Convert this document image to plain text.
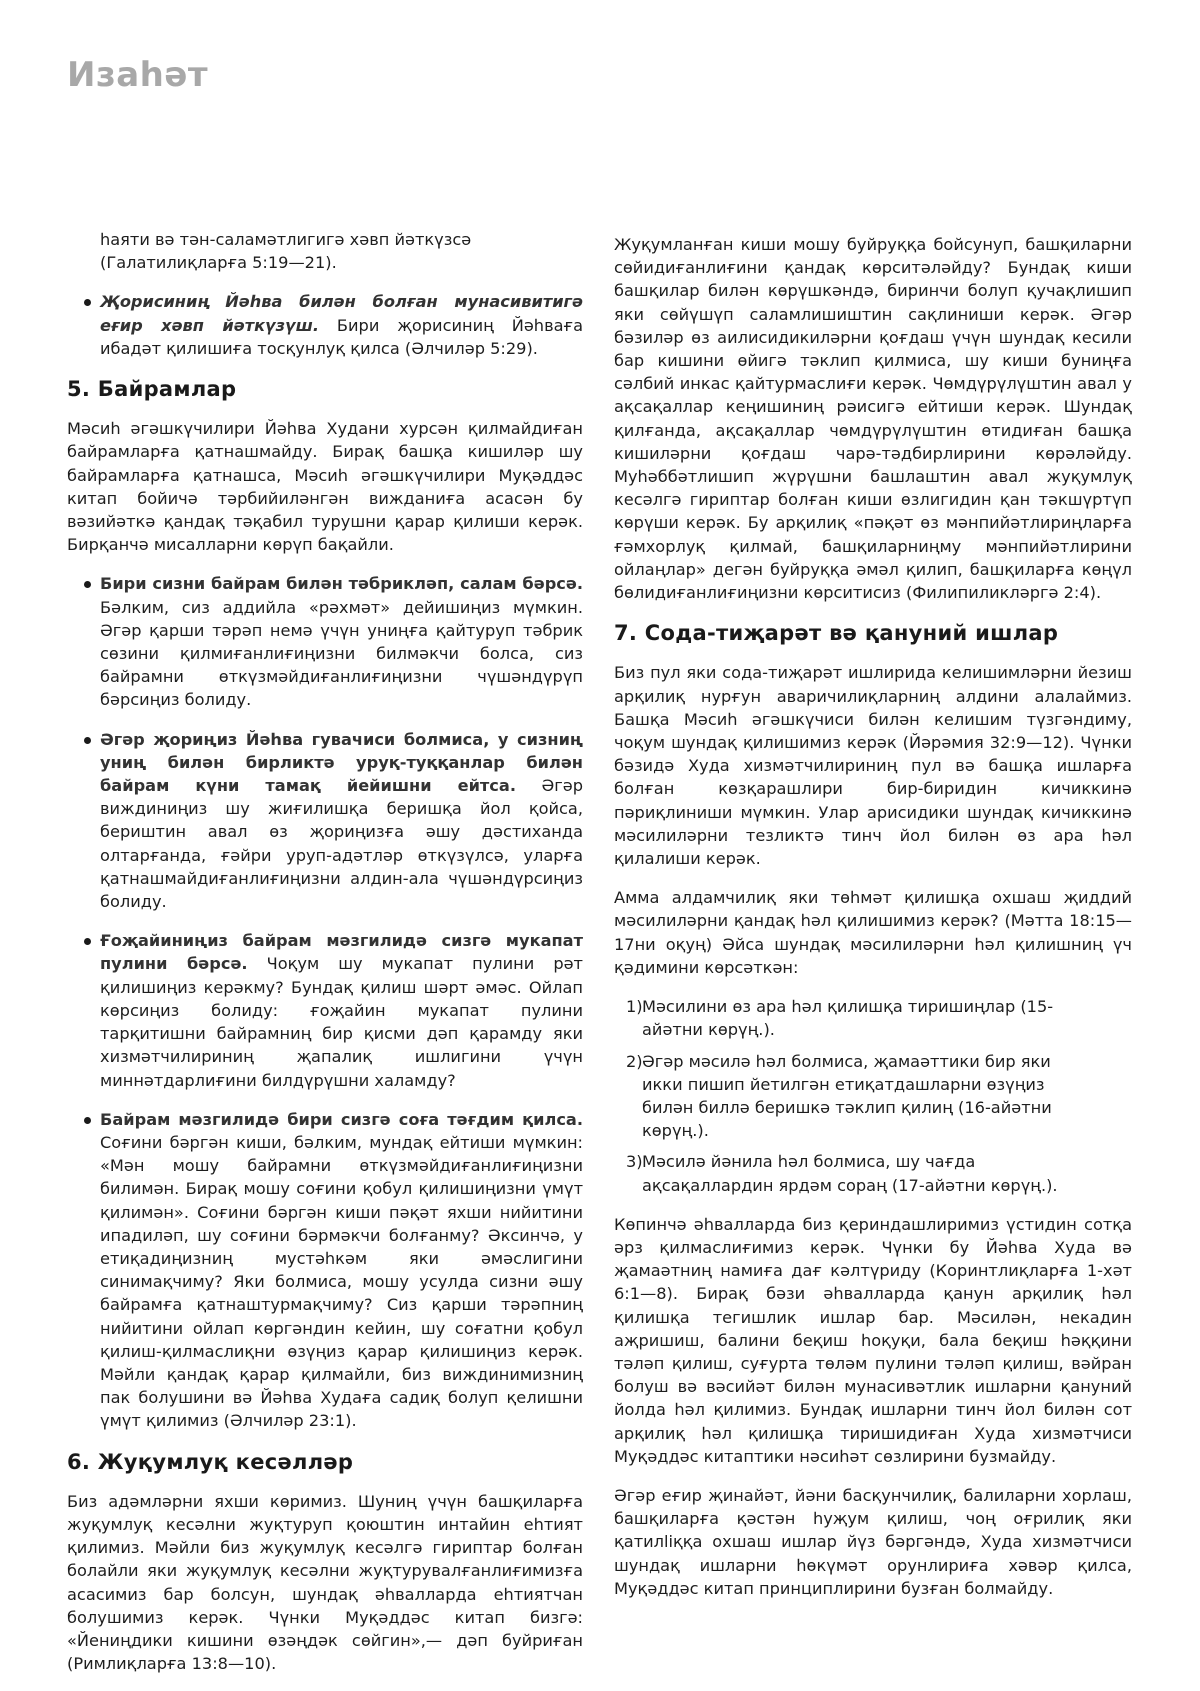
Изаһәт

һаяти вә тән-саламәтлигигә хәвп йәткүзсә (Галатилиқларға 5:19—21).

Җорисиниң Йәһва билән болған мунасивитигә еғир хәвп йәткүзүш. Бири җорисиниң Йәһваға ибадәт қилишиға тосқунлуқ қилса (Әлчиләр 5:29).
5. Байрамлар

Мәсиһ әгәшкүчилири Йәһва Худани хурсән қилмайдиған байрамларға қатнашмайду. Бирақ башқа кишиләр шу байрамларға қатнашса, Мәсиһ әгәшкүчилири Муқәддәс китап бойичә тәрбийиләнгән вижданиға асасән бу вәзийәткә қандақ тәқабил турушни қарар қилиши керәк. Бирқанчә мисалларни көрүп бақайли.

Бири сизни байрам билән тәбрикләп, салам бәрсә. Бәлким, сиз аддийла «рәхмәт» дейишиңиз мүмкин. Әгәр қарши тәрәп немә үчүн униңға қайтуруп тәбрик сөзини қилмиғанлиғиңизни билмәкчи болса, сиз байрамни өткүзмәйдиғанлиғиңизни чүшәндүрүп бәрсиңиз болиду.
Әгәр җориңиз Йәһва гувачиси болмиса, у сизниң униң билән бирликтә уруқ-туққанлар билән байрам күни тамақ йейишни ейтса. Әгәр виждиниңиз шу жиғилишқа беришқа йол қойса, бериштин авал өз җориңизға әшу дәстиханда олтарғанда, ғәйри уруп-адәтләр өткүзүлсә, уларға қатнашмайдиғанлиғиңизни алдин-ала чүшәндүрсиңиз болиду.
Ғоҗайиниңиз байрам мәзгилидә сизгә мукапат пулини бәрсә. Чоқум шу мукапат пулини рәт қилишиңиз керәкму? Бундақ қилиш шәрт әмәс. Ойлап көрсиңиз болиду: ғоҗайин мукапат пулини тарқитишни байрамниң бир қисми дәп қарамду яки хизмәтчилириниң җапалиқ ишлигини үчүн миннәтдарлиғини билдүрүшни халамду?
Байрам мәзгилидә бири сизгә соға тәғдим қилса. Соғини бәргән киши, бәлким, мундақ ейтиши мүмкин: «Мән мошу байрамни өткүзмәйдиғанлиғиңизни билимән. Бирақ мошу соғини қобул қилишиңизни үмүт қилимән». Соғини бәргән киши пәқәт яхши нийитини ипадиләп, шу соғини бәрмәкчи болғанму? Әксинчә, у етиқадиңизниң мустәһкәм яки әмәслигини синимақчиму? Яки болмиса, мошу усулда сизни әшу байрамға қатнаштурмақчиму? Сиз қарши тәрәпниң нийитини ойлап көргәндин кейин, шу соғатни қобул қилиш-қилмаслиқни өзүңиз қарар қилишиңиз керәк. Мәйли қандақ қарар қилмайли, биз виждинимизниң пак болушини вә Йәһва Худаға садиқ болуп қелишни үмүт қилимиз (Әлчиләр 23:1).
6. Жуқумлуқ кесәлләр

Биз адәмләрни яхши көримиз. Шуниң үчүн башқиларға жуқумлуқ кесәлни жуқтуруп қоюштин интайин еһтият қилимиз. Мәйли биз жуқумлуқ кесәлгә гириптар болған болайли яки жуқумлуқ кесәлни жуқтурувалғанлиғимизға асасимиз бар болсун, шундақ әһвалларда еһтиятчан болушимиз керәк. Чүнки Муқәддәс китап бизгә: «Йениңдики кишини өзәңдәк сөйгин»,— дәп буйриған (Римлиқларға 13:8—10).

Жуқумланған киши мошу буйруққа бойсунуп, башқиларни сөйидиғанлиғини қандақ көрситәләйду? Бундақ киши башқилар билән көрүшкәндә, биринчи болуп қучақлишип яки сөйүшүп саламлишиштин сақлиниши керәк. Әгәр бәзиләр өз аилисидикиләрни қоғдаш үчүн шундақ кесили бар кишини өйигә тәклип қилмиса, шу киши буниңға сәлбий инкас қайтурмаслиғи керәк. Чөмдүрүлүштин авал у ақсақаллар кеңишиниң рәисигә ейтиши керәк. Шундақ қилғанда, ақсақаллар чөмдүрүлүштин өтидиған башқа кишиләрни қоғдаш чарә-тәдбирлирини көрәләйду. Муһәббәтлишип жүрүшни башлаштин авал жуқумлуқ кесәлгә гириптар болған киши өзлигидин қан тәкшүртүп көрүши керәк. Бу арқилиқ «пәқәт өз мәнпийәтлириңларға ғәмхорлуқ қилмай, башқиларниңму мәнпийәтлирини ойлаңлар» дегән буйруққа әмәл қилип, башқиларға көңүл бөлидиғанлиғиңизни көрситисиз (Филипиликләргә 2:4).

7. Сода-тиҗарәт вә қануний ишлар

Биз пул яки сода-тиҗарәт ишлирида келишимләрни йезиш арқилиқ нурғун аваричилиқларниң алдини алалаймиз. Башқа Мәсиһ әгәшкүчиси билән келишим түзгәндиму, чоқум шундақ қилишимиз керәк (Йәрәмия 32:9—12). Чүнки бәзидә Худа хизмәтчилириниң пул вә башқа ишларға болған көзқарашлири бир-биридин кичиккинә пәриқлиниши мүмкин. Улар арисидики шундақ кичиккинә мәсилиләрни тезликтә тинч йол билән өз ара һәл қилалиши керәк.

Амма алдамчилиқ яки төһмәт қилишқа охшаш җиддий мәсилиләрни қандақ һәл қилишимиз керәк? (Мәтта 18:15—17ни оқуң) Әйса шундақ мәсилиләрни һәл қилишниң үч қәдимини көрсәткән:

1) Мәсилини өз ара һәл қилишқа тиришиңлар (15-айәтни көрүң.).
2) Әгәр мәсилә һәл болмиса, җамаәттики бир яки икки пишип йетилгән етиқатдашларни өзүңиз билән биллә беришкә тәклип қилиң (16-айәтни көрүң.).
3) Мәсилә йәнила һәл болмиса, шу чағда ақсақаллардин ярдәм сораң (17-айәтни көрүң.).

Көпинчә әһвалларда биз қериндашлиримиз үстидин сотқа әрз қилмаслиғимиз керәк. Чүнки бу Йәһва Худа вә җамаәтниң намиға дағ кәлтүриду (Коринтлиқларға 1-хәт 6:1—8). Бирақ бәзи әһвалларда қанун арқилиқ һәл қилишқа тегишлик ишлар бар. Мәсилән, некадин аҗришиш, балини беқиш һоқуқи, бала беқиш һәққини тәләп қилиш, суғурта төләм пулини тәләп қилиш, вәйран болуш вә вәсийәт билән мунасивәтлик ишларни қануний йолда һәл қилимиз. Бундақ ишларни тинч йол билән сот арқилиқ һәл қилишқа тиришидиған Худа хизмәтчиси Муқәддәс китаптики нәсиһәт сөзлирини бузмайду.

Әгәр еғир җинайәт, йәни басқунчилиқ, балиларни хорлаш, башқиларға қәстән һуҗум қилиш, чоң оғрилиқ яки қатилliққа охшаш ишлар йүз бәргәндә, Худа хизмәтчиси шундақ ишларни һөкүмәт орунлириға хәвәр қилса, Муқәддәс китап принциплирини бузған болмайду.
